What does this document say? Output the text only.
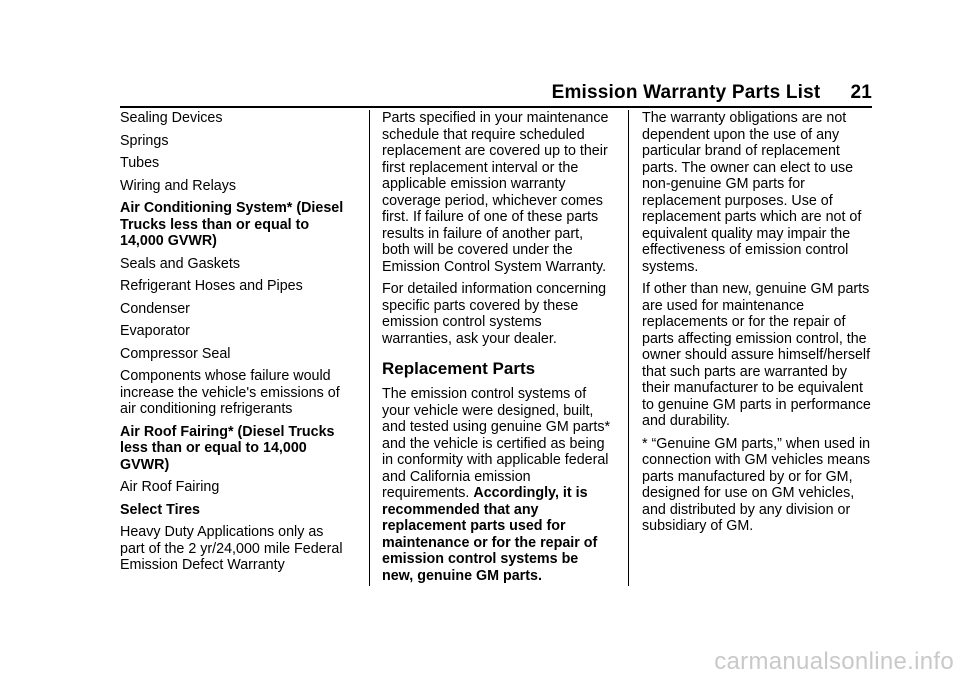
Emission Warranty Parts List 21

Sealing Devices

Springs

Tubes

Wiring and Relays

Air Conditioning System* (Diesel Trucks less than or equal to 14,000 GVWR)

Seals and Gaskets

Refrigerant Hoses and Pipes

Condenser

Evaporator

Compressor Seal

Components whose failure would increase the vehicle's emissions of air conditioning refrigerants

Air Roof Fairing* (Diesel Trucks less than or equal to 14,000 GVWR)

Air Roof Fairing

Select Tires

Heavy Duty Applications only as part of the 2 yr/24,000 mile Federal Emission Defect Warranty

Parts specified in your maintenance schedule that require scheduled replacement are covered up to their first replacement interval or the applicable emission warranty coverage period, whichever comes first. If failure of one of these parts results in failure of another part, both will be covered under the Emission Control System Warranty.

For detailed information concerning specific parts covered by these emission control systems warranties, ask your dealer.

Replacement Parts

The emission control systems of your vehicle were designed, built, and tested using genuine GM parts* and the vehicle is certified as being in conformity with applicable federal and California emission requirements. Accordingly, it is recommended that any replacement parts used for maintenance or for the repair of emission control systems be new, genuine GM parts.

The warranty obligations are not dependent upon the use of any particular brand of replacement parts. The owner can elect to use non-genuine GM parts for replacement purposes. Use of replacement parts which are not of equivalent quality may impair the effectiveness of emission control systems.

If other than new, genuine GM parts are used for maintenance replacements or for the repair of parts affecting emission control, the owner should assure himself/herself that such parts are warranted by their manufacturer to be equivalent to genuine GM parts in performance and durability.

* “Genuine GM parts,” when used in connection with GM vehicles means parts manufactured by or for GM, designed for use on GM vehicles, and distributed by any division or subsidiary of GM.

carmanualsonline.info
